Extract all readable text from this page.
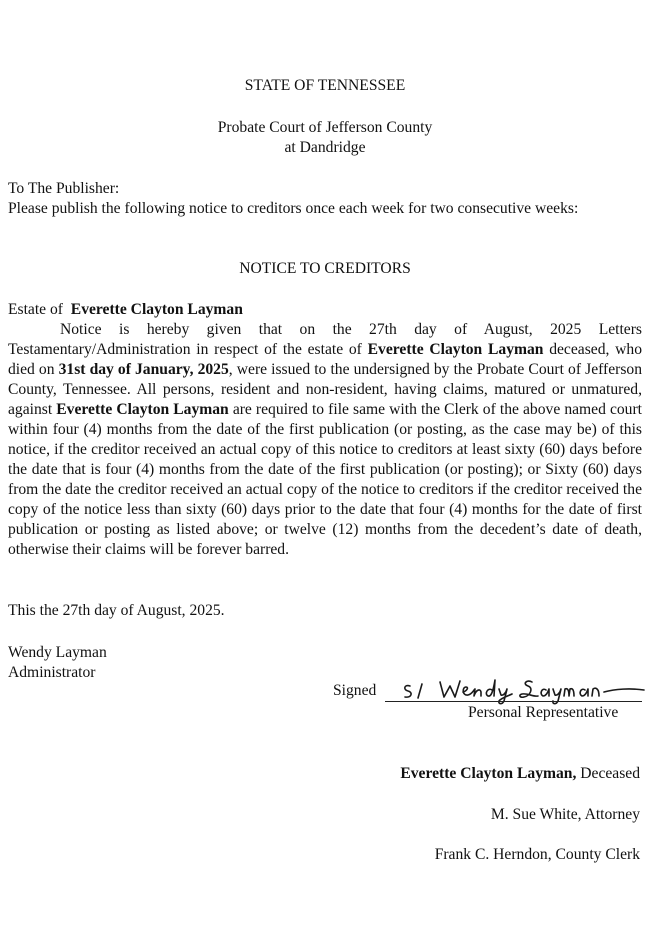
STATE OF TENNESSEE
Probate Court of Jefferson County
at Dandridge
To The Publisher:
Please publish the following notice to creditors once each week for two consecutive weeks:
NOTICE TO CREDITORS
Estate of Everette Clayton Layman
Notice is hereby given that on the 27th day of August, 2025 Letters Testamentary/Administration in respect of the estate of Everette Clayton Layman deceased, who died on 31st day of January, 2025, were issued to the undersigned by the Probate Court of Jefferson County, Tennessee. All persons, resident and non-resident, having claims, matured or unmatured, against Everette Clayton Layman are required to file same with the Clerk of the above named court within four (4) months from the date of the first publication (or posting, as the case may be) of this notice, if the creditor received an actual copy of this notice to creditors at least sixty (60) days before the date that is four (4) months from the date of the first publication (or posting); or Sixty (60) days from the date the creditor received an actual copy of the notice to creditors if the creditor received the copy of the notice less than sixty (60) days prior to the date that four (4) months for the date of first publication or posting as listed above; or twelve (12) months from the decedent’s date of death, otherwise their claims will be forever barred.
This the 27th day of August, 2025.
Wendy Layman
Administrator
Signed
Personal Representative
Everette Clayton Layman, Deceased
M. Sue White, Attorney
Frank C. Herndon, County Clerk
